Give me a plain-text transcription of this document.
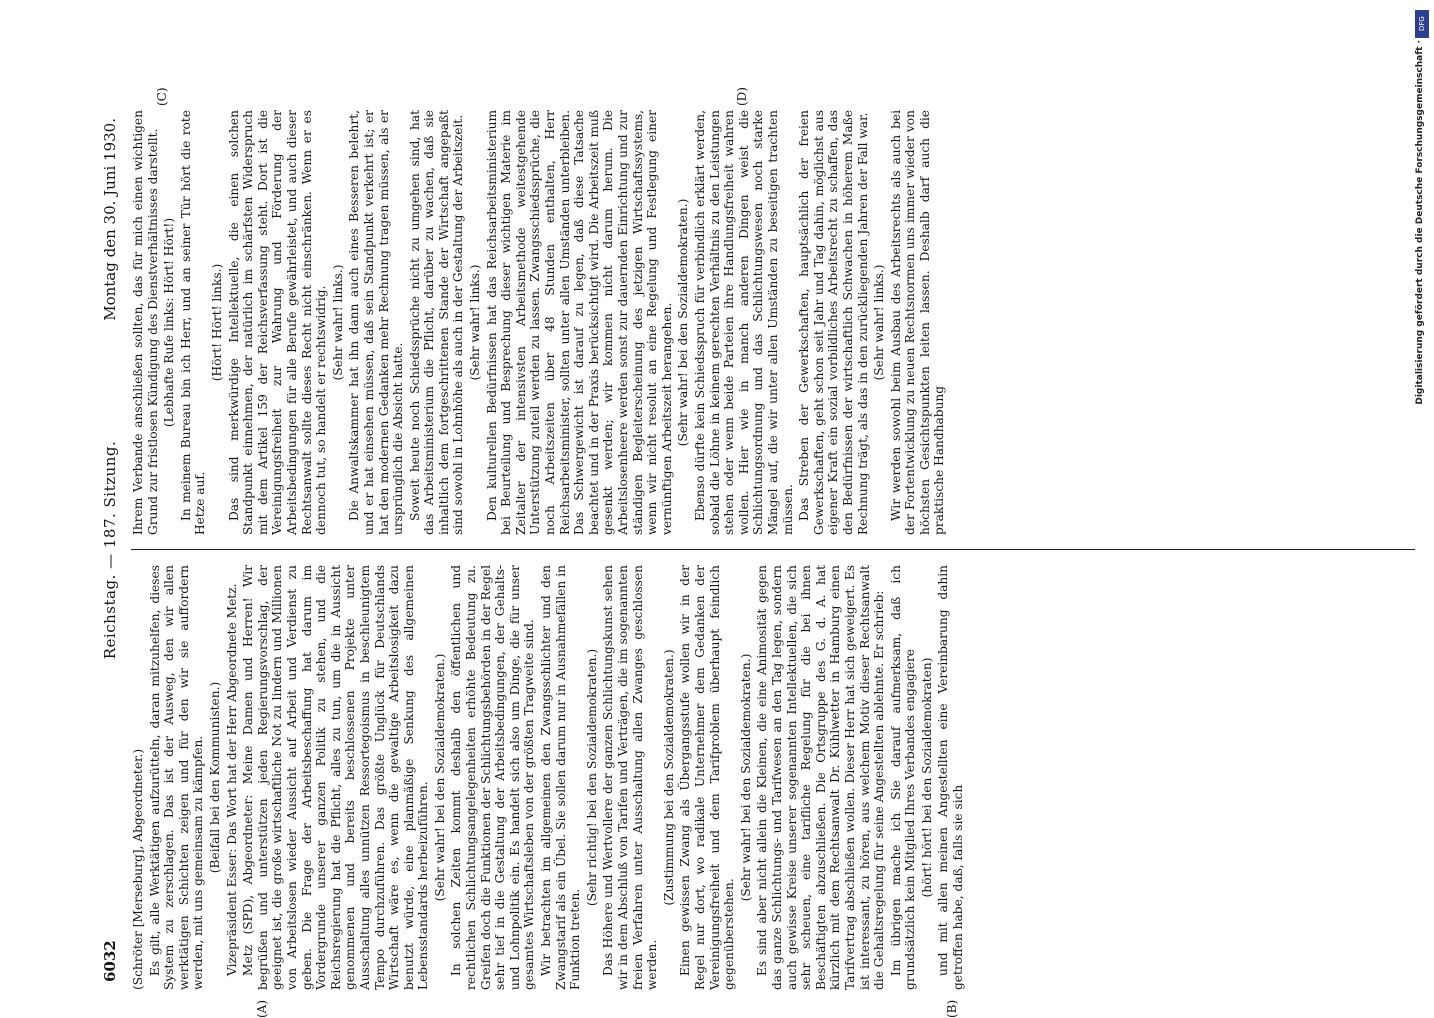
6032
Reichstag. — 187. Sitzung.
Montag den 30. Juni 1930.
(A)	(B)
(C)	(D)

(Schröter [Merseburg], Abgeordneter.) Es gilt, alle Werktätigen aufzurütteln, daran mitzuhelfen, dieses System zu zerschlagen. Das ist der Ausweg, den wir allen werktätigen Schichten zeigen und für den wir sie auffordern werden, mit uns gemeinsam zu kämpfen. (Beifall bei den Kommunisten.) Vizepräsident Esser: Das Wort hat der Herr Abgeordnete Metz. Metz (SPD), Abgeordneter: Meine Damen und Herren! Wir begrüßen und unterstützen jeden Regierungsvorschlag, der geeignet ist, die große wirtschaftliche Not zu lindern und Millionen von Arbeitslosen wieder Aussicht auf Arbeit und Verdienst zu geben. Die Frage der Arbeitsbeschaffung hat darum im Vordergrunde unserer ganzen Politik zu stehen, und die Reichsregierung hat die Pflicht, alles zu tun, um die in Aussicht genommenen und bereits beschlossenen Projekte unter Ausschaltung alles unnützen Ressortegoismus in beschleunigtem Tempo durchzuführen. Das größte Unglück für Deutschlands Wirtschaft wäre es, wenn die gewaltige Arbeitslosigkeit dazu benutzt würde, eine planmäßige Senkung des allgemeinen Lebensstandards herbeizuführen. (Sehr wahr! bei den Sozialdemokraten.) In solchen Zeiten kommt deshalb den öffentlichen und rechtlichen Schlichtungsangelegenheiten erhöhte Bedeutung zu. Greifen doch die Funktionen der Schlichtungsbehörden in der Regel sehr tief in die Gestaltung der Arbeitsbedingungen, der Gehalts- und Lohnpolitik ein. Es handelt sich also um Dinge, die für unser gesamtes Wirtschaftsleben von der größten Tragweite sind. Wir betrachten im allgemeinen den Zwangsschlichter und den Zwangstarif als ein Übel. Sie sollen darum nur in Ausnahmefällen in Funktion treten.

(Sehr richtig! bei den Sozialdemokraten.) Das Höhere und Wertvollere der ganzen Schlichtungskunst sehen wir in dem Abschluß von Tarifen und Verträgen, die im sogenannten freien Verfahren unter Ausschaltung allen Zwanges geschlossen werden.

(Zustimmung bei den Sozialdemokraten.) Einen gewissen Zwang als Übergangsstufe wollen wir in der Regel nur dort, wo radikale Unternehmer dem Gedanken der Vereinigungsfreiheit und dem Tarifproblem überhaupt feindlich gegenüberstehen.

(Sehr wahr! bei den Sozialdemokraten.) Es sind aber nicht allein die Kleinen, die eine Animosität gegen das ganze Schlichtungs- und Tarifwesen an den Tag legen, sondern auch gewisse Kreise unserer sogenannten Intellektuellen, die sich sehr scheuen, eine tarifliche Regelung für die bei ihnen Beschäftigten abzuschließen. Die Ortsgruppe des G. d. A. hat kürzlich mit dem Rechtsanwalt Dr. Kühlwetter in Hamburg einen Tarifvertrag abschließen wollen. Dieser Herr hat sich geweigert. Es ist interessant, zu hören, aus welchem Motiv dieser Rechtsanwalt die Gehaltsregelung für seine Angestellten ablehnte. Er schrieb: Im übrigen mache ich Sie darauf aufmerksam, daß ich grundsätzlich kein Mitglied Ihres Verbandes engagiere (hört! hört! bei den Sozialdemokraten) und mit allen meinen Angestellten eine Vereinbarung dahin getroffen habe, daß, falls sie sich

Ihrem Verbande anschließen sollten, das für mich einen wichtigen Grund zur fristlosen Kündigung des Dienstverhältnisses darstellt. (Lebhafte Rufe links: Hört! Hört!) In meinem Bureau bin ich Herr, und an seiner Tür hört die rote Hetze auf.

(Hört! Hört! links.) Das sind merkwürdige Intellektuelle, die einen solchen Standpunkt einnehmen, der natürlich im schärfsten Widerspruch mit dem Artikel 159 der Reichsverfassung steht. Dort ist die Vereinigungsfreiheit zur Wahrung und Förderung der Arbeitsbedingungen für alle Berufe gewährleistet, und auch dieser Rechtsanwalt sollte dieses Recht nicht einschränken. Wenn er es dennoch tut, so handelt er rechtswidrig. (Sehr wahr! links.) Die Anwaltskammer hat ihn dann auch eines Besseren belehrt, und er hat einsehen müssen, daß sein Standpunkt verkehrt ist; er hat den modernen Gedanken mehr Rechnung tragen müssen, als er ursprünglich die Absicht hatte. Soweit heute noch Schiedssprüche nicht zu umgehen sind, hat das Arbeitsministerium die Pflicht, darüber zu wachen, daß sie inhaltlich dem fortgeschrittenen Stande der Wirtschaft angepaßt sind sowohl in Lohnhöhe als auch in der Gestaltung der Arbeitszeit. (Sehr wahr! links.) Den kulturellen Bedürfnissen hat das Reichsarbeitsministerium bei Beurteilung und Besprechung dieser wichtigen Materie im Zeitalter der intensivsten Arbeitsmethode weitestgehende Unterstützung zuteil werden zu lassen. Zwangsschiedssprüche, die noch Arbeitszeiten über 48 Stunden enthalten, Herr Reichsarbeitsminister, sollten unter allen Umständen unterbleiben. Das Schwergewicht ist darauf zu legen, daß diese Tatsache beachtet und in der Praxis berücksichtigt wird. Die Arbeitszeit muß gesenkt werden; wir kommen nicht darum herum. Die Arbeitslosenheere werden sonst zur dauernden Einrichtung und zur ständigen Begleiterscheinung des jetzigen Wirtschaftssystems, wenn wir nicht resolut an eine Regelung und Festlegung einer vernünftigen Arbeitszeit herangehen. (Sehr wahr! bei den Sozialdemokraten.) Ebenso dürfte kein Schiedsspruch für verbindlich erklärt werden, sobald die Löhne in keinem gerechten Verhältnis zu den Leistungen stehen oder wenn beide Parteien ihre Handlungsfreiheit wahren wollen. Hier wie in manch anderen Dingen weist die Schlichtungsordnung und das Schlichtungswesen noch starke Mängel auf, die wir unter allen Umständen zu beseitigen trachten müssen. Das Streben der Gewerkschaften, hauptsächlich der freien Gewerkschaften, geht schon seit Jahr und Tag dahin, möglichst aus eigener Kraft ein sozial vorbildliches Arbeitsrecht zu schaffen, das den Bedürfnissen der wirtschaftlich Schwachen in höherem Maße Rechnung trägt, als das in den zurückliegenden Jahren der Fall war. (Sehr wahr! links.) Wir werden sowohl beim Ausbau des Arbeitsrechts als auch bei der Fortentwicklung zu neuen Rechtsnormen uns immer wieder von höchsten Gesichtspunkten leiten lassen. Deshalb darf auch die praktische Handhabung

DFG
Digitalisierung gefördert durch die Deutsche Forschungsgemeinschaft ·
